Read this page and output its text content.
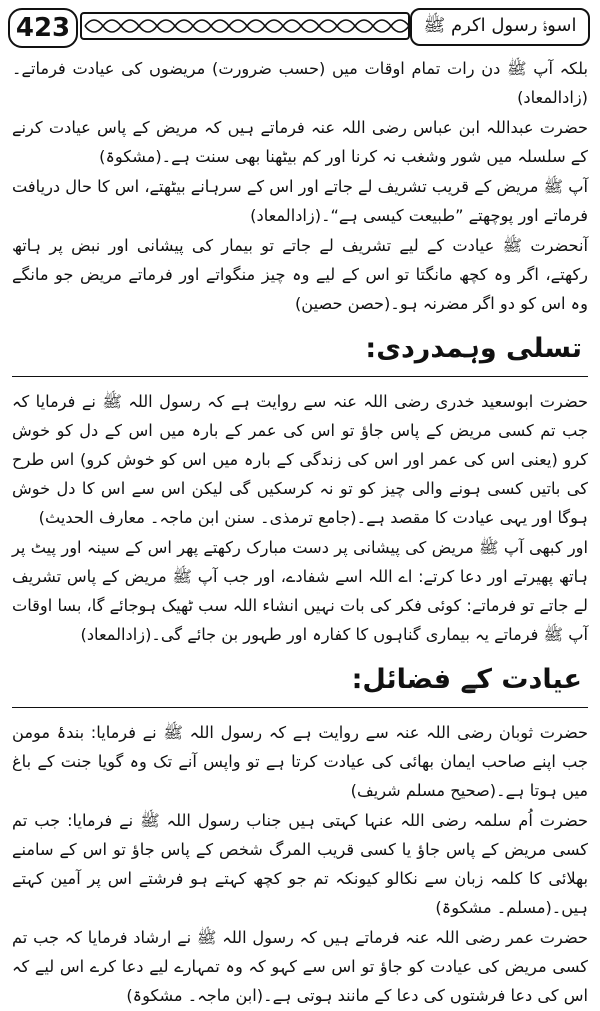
423	اسوۂ رسول اکرم ﷺ

بلکہ آپ ﷺ دن رات تمام اوقات میں (حسب ضرورت) مریضوں کی عیادت فرماتے۔(زادالمعاد)

حضرت عبداللہ ابن عباس رضی اللہ عنہ فرماتے ہیں کہ مریض کے پاس عیادت کرنے کے سلسلہ میں شور وشغب نہ کرنا اور کم بیٹھنا بھی سنت ہے۔(مشکوۃ)

آپ ﷺ مریض کے قریب تشریف لے جاتے اور اس کے سرہانے بیٹھتے، اس کا حال دریافت فرماتے اور پوچھتے ”طبیعت کیسی ہے“۔(زادالمعاد)

آنحضرت ﷺ عیادت کے لیے تشریف لے جاتے تو بیمار کی پیشانی اور نبض پر ہاتھ رکھتے، اگر وہ کچھ مانگتا تو اس کے لیے وہ چیز منگواتے اور فرماتے مریض جو مانگے وہ اس کو دو اگر مضرنہ ہو۔(حصن حصین)

تسلی وہمدردی:

حضرت ابوسعید خدری رضی اللہ عنہ سے روایت ہے کہ رسول اللہ ﷺ نے فرمایا کہ جب تم کسی مریض کے پاس جاؤ تو اس کی عمر کے بارہ میں اس کے دل کو خوش کرو (یعنی اس کی عمر اور اس کی زندگی کے بارہ میں اس کو خوش کرو) اس طرح کی باتیں کسی ہونے والی چیز کو تو نہ کرسکیں گی لیکن اس سے اس کا دل خوش ہوگا اور یہی عیادت کا مقصد ہے۔(جامع ترمذی۔ سنن ابن ماجہ۔ معارف الحدیث)

اور کبھی آپ ﷺ مریض کی پیشانی پر دست مبارک رکھتے پھر اس کے سینہ اور پیٹ پر ہاتھ پھیرتے اور دعا کرتے: اے اللہ اسے شفادے، اور جب آپ ﷺ مریض کے پاس تشریف لے جاتے تو فرماتے: کوئی فکر کی بات نہیں انشاء اللہ سب ٹھیک ہوجائے گا، بسا اوقات آپ ﷺ فرماتے یہ بیماری گناہوں کا کفارہ اور طہور بن جائے گی۔(زادالمعاد)

عیادت کے فضائل:

حضرت ثوبان رضی اللہ عنہ سے روایت ہے کہ رسول اللہ ﷺ نے فرمایا: بندۂ مومن جب اپنے صاحب ایمان بھائی کی عیادت کرتا ہے تو واپس آنے تک وہ گویا جنت کے باغ میں ہوتا ہے۔(صحیح مسلم شریف)

حضرت اُم سلمہ رضی اللہ عنہا کہتی ہیں جناب رسول اللہ ﷺ نے فرمایا: جب تم کسی مریض کے پاس جاؤ یا کسی قریب المرگ شخص کے پاس جاؤ تو اس کے سامنے بھلائی کا کلمہ زبان سے نکالو کیونکہ تم جو کچھ کہتے ہو فرشتے اس پر آمین کہتے ہیں۔(مسلم۔ مشکوۃ)

حضرت عمر رضی اللہ عنہ فرماتے ہیں کہ رسول اللہ ﷺ نے ارشاد فرمایا کہ جب تم کسی مریض کی عیادت کو جاؤ تو اس سے کہو کہ وہ تمہارے لیے دعا کرے اس لیے کہ اس کی دعا فرشتوں کی دعا کے مانند ہوتی ہے۔(ابن ماجہ۔ مشکوۃ)
